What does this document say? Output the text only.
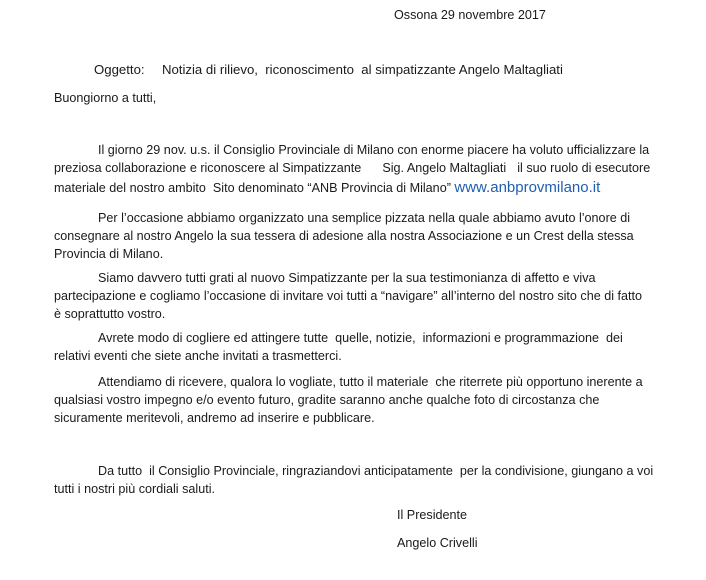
Ossona 29 novembre 2017
Oggetto: Notizia di rilievo,  riconoscimento  al simpatizzante Angelo Maltagliati
Buongiorno a tutti,
Il giorno 29 nov. u.s. il Consiglio Provinciale di Milano con enorme piacere ha voluto ufficializzare la
preziosa collaborazione e riconoscere al Simpatizzante Sig. Angelo Maltagliati il suo ruolo di esecutore
materiale del nostro ambito  Sito denominato “ANB Provincia di Milano” www.anbprovmilano.it
Per l’occasione abbiamo organizzato una semplice pizzata nella quale abbiamo avuto l’onore di
consegnare al nostro Angelo la sua tessera di adesione alla nostra Associazione e un Crest della stessa
Provincia di Milano.
Siamo davvero tutti grati al nuovo Simpatizzante per la sua testimonianza di affetto e viva
partecipazione e cogliamo l’occasione di invitare voi tutti a “navigare” all’interno del nostro sito che di fatto
è soprattutto vostro.
Avrete modo di cogliere ed attingere tutte  quelle, notizie,  informazioni e programmazione  dei
relativi eventi che siete anche invitati a trasmetterci.
Attendiamo di ricevere, qualora lo vogliate, tutto il materiale  che riterrete più opportuno inerente a
qualsiasi vostro impegno e/o evento futuro, gradite saranno anche qualche foto di circostanza che
sicuramente meritevoli, andremo ad inserire e pubblicare.
Da tutto  il Consiglio Provinciale, ringraziandovi anticipatamente  per la condivisione, giungano a voi
tutti i nostri più cordiali saluti.
Il Presidente
Angelo Crivelli
